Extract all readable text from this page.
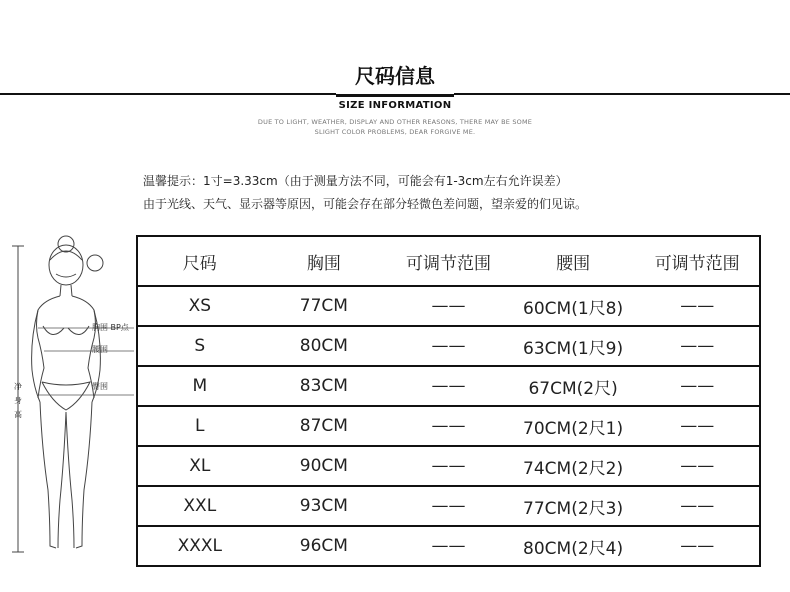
尺码信息
SIZE INFORMATION
DUE TO LIGHT, WEATHER, DISPLAY AND OTHER REASONS, THERE MAY BE SOME
SLIGHT COLOR PROBLEMS, DEAR FORGIVE ME.
温馨提示：1寸=3.33cm（由于测量方法不同，可能会有1-3cm左右允许误差）
由于光线、天气、显示器等原因，可能会存在部分轻微色差问题，望亲爱的们见谅。
胸围 BP点
腰围
臀围
净身高
尺码	胸围	可调节范围	腰围	可调节范围
XS	77CM	——	60CM(1尺8)	——
S	80CM	——	63CM(1尺9)	——
M	83CM	——	67CM(2尺)	——
L	87CM	——	70CM(2尺1)	——
XL	90CM	——	74CM(2尺2)	——
XXL	93CM	——	77CM(2尺3)	——
XXXL	96CM	——	80CM(2尺4)	——
